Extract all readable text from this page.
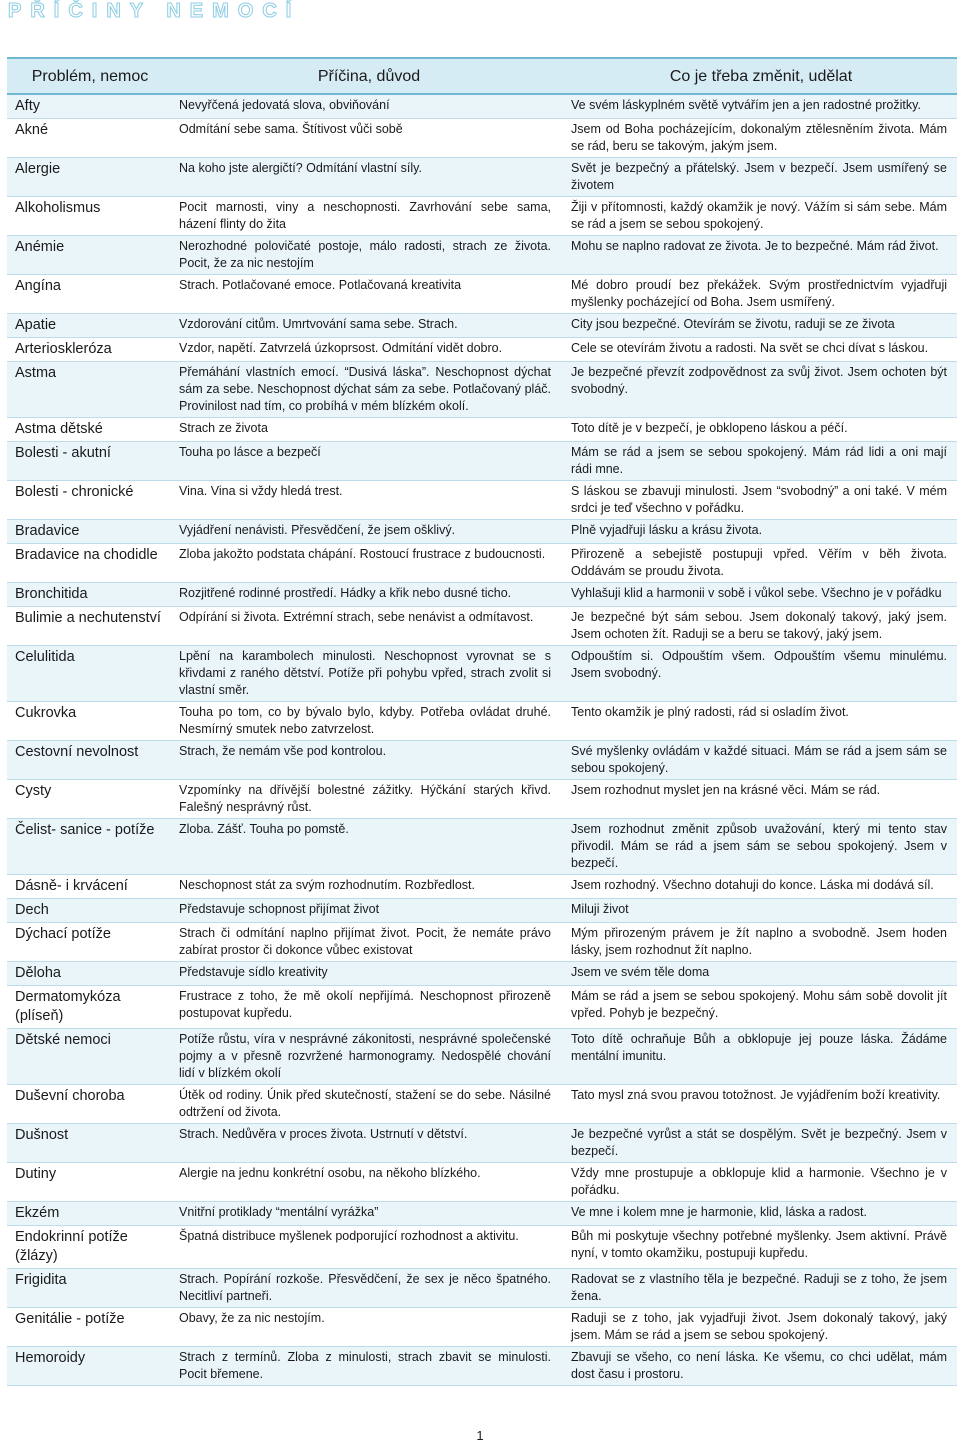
PŘÍČINY NEMOCÍ
Problém, nemoc	Příčina, důvod	Co je třeba změnit, udělat
Afty	Nevyřčená jedovatá slova, obviňování	Ve svém láskyplném světě vytvářím jen a jen radostné prožitky.
Akné	Odmítání sebe sama. Štítivost vůči sobě	Jsem od Boha pocházejícím, dokonalým ztělesněním života. Mám se rád, beru se takovým, jakým jsem.
Alergie	Na koho jste alergičtí? Odmítání vlastní síly.	Svět je bezpečný a přátelský. Jsem v bezpečí. Jsem usmířený se životem
Alkoholismus	Pocit marnosti, viny a neschopnosti. Zavrhování sebe sama, házení flinty do žita	Žiji v přítomnosti, každý okamžik je nový. Vážím si sám sebe. Mám se rád a jsem se sebou spokojený.
Anémie	Nerozhodné polovičaté postoje, málo radosti, strach ze života. Pocit, že za nic nestojím	Mohu se naplno radovat ze života. Je to bezpečné. Mám rád život.
Angína	Strach. Potlačované emoce. Potlačovaná kreativita	Mé dobro proudí bez překážek. Svým prostřednictvím vyjadřuji myšlenky pocházející od Boha. Jsem usmířený.
Apatie	Vzdorování citům. Umrtvování sama sebe. Strach.	City jsou bezpečné. Otevírám se životu, raduji se ze života
Arterioskleróza	Vzdor, napětí. Zatvrzelá úzkoprsost. Odmítání vidět dobro.	Cele se otevírám životu a radosti. Na svět se chci dívat s láskou.
Astma	Přemáhání vlastních emocí. “Dusivá láska”. Neschopnost dýchat sám za sebe. Neschopnost dýchat sám za sebe. Potlačovaný pláč. Provinilost nad tím, co probíhá v mém blízkém okolí.	Je bezpečné převzít zodpovědnost za svůj život. Jsem ochoten být svobodný.
Astma dětské	Strach ze života	Toto dítě je v bezpečí, je obklopeno láskou a péčí.
Bolesti - akutní	Touha po lásce a bezpečí	Mám se rád a jsem se sebou spokojený. Mám rád lidi a oni mají rádi mne.
Bolesti - chronické	Vina. Vina si vždy hledá trest.	S láskou se zbavuji minulosti. Jsem “svobodný” a oni také. V mém srdci je teď všechno v pořádku.
Bradavice	Vyjádření nenávisti. Přesvědčení, že jsem ošklivý.	Plně vyjadřuji lásku a krásu života.
Bradavice na chodidle	Zloba jakožto podstata chápání. Rostoucí frustrace z budoucnosti.	Přirozeně a sebejistě postupuji vpřed. Věřím v běh života. Oddávám se proudu života.
Bronchitida	Rozjitřené rodinné prostředí. Hádky a křik nebo dusné ticho.	Vyhlašuji klid a harmonii v sobě i vůkol sebe. Všechno je v pořádku
Bulimie a nechutenství	Odpírání si života. Extrémní strach, sebe nenávist a odmítavost.	Je bezpečné být sám sebou. Jsem dokonalý takový, jaký jsem. Jsem ochoten žít. Raduji se a beru se takový, jaký jsem.
Celulitida	Lpění na karambolech minulosti. Neschopnost vyrovnat se s křivdami z raného dětství. Potíže při pohybu vpřed, strach zvolit si vlastní směr.	Odpouštím si. Odpouštím všem. Odpouštím všemu minulému. Jsem svobodný.
Cukrovka	Touha po tom, co by bývalo bylo, kdyby. Potřeba ovládat druhé. Nesmírný smutek nebo zatvrzelost.	Tento okamžik je plný radosti, rád si osladím život.
Cestovní nevolnost	Strach, že nemám vše pod kontrolou.	Své myšlenky ovládám v každé situaci. Mám se rád a jsem sám se sebou spokojený.
Cysty	Vzpomínky na dřívější bolestné zážitky. Hýčkání starých křivd. Falešný nesprávný růst.	Jsem rozhodnut myslet jen na krásné věci. Mám se rád.
Čelist- sanice - potíže	Zloba. Zášť. Touha po pomstě.	Jsem rozhodnut změnit způsob uvažování, který mi tento stav přivodil. Mám se rád a jsem sám se sebou spokojený. Jsem v bezpečí.
Dásně- i krvácení	Neschopnost stát za svým rozhodnutím. Rozbředlost.	Jsem rozhodný. Všechno dotahuji do konce. Láska mi dodává síl.
Dech	Představuje schopnost přijímat život	Miluji život
Dýchací potíže	Strach či odmítání naplno přijímat život. Pocit, že nemáte právo zabírat prostor či dokonce vůbec existovat	Mým přirozeným právem je žít naplno a svobodně. Jsem hoden lásky, jsem rozhodnut žít naplno.
Děloha	Představuje sídlo kreativity	Jsem ve svém těle doma
Dermatomykóza (plíseň)	Frustrace z toho, že mě okolí nepřijímá. Neschopnost přirozeně postupovat kupředu.	Mám se rád a jsem se sebou spokojený. Mohu sám sobě dovolit jít vpřed. Pohyb je bezpečný.
Dětské nemoci	Potíže růstu, víra v nesprávné zákonitosti, nesprávné společenské pojmy a v přesně rozvržené harmonogramy. Nedospělé chování lidí v blízkém okolí	Toto dítě ochraňuje Bůh a obklopuje jej pouze láska. Žádáme mentální imunitu.
Duševní choroba	Útěk od rodiny. Únik před skutečností, stažení se do sebe. Násilné odtržení od života.	Tato mysl zná svou pravou totožnost. Je vyjádřením boží kreativity.
Dušnost	Strach. Nedůvěra v proces života. Ustrnutí v dětství.	Je bezpečné vyrůst a stát se dospělým. Svět je bezpečný. Jsem v bezpečí.
Dutiny	Alergie na jednu konkrétní osobu, na někoho blízkého.	Vždy mne prostupuje a obklopuje klid a harmonie. Všechno je v pořádku.
Ekzém	Vnitřní protiklady “mentální vyrážka”	Ve mne i kolem mne je harmonie, klid, láska a radost.
Endokrinní potíže (žlázy)	Špatná distribuce myšlenek podporující rozhodnost a aktivitu.	Bůh mi poskytuje všechny potřebné myšlenky. Jsem aktivní. Právě nyní, v tomto okamžiku, postupuji kupředu.
Frigidita	Strach. Popírání rozkoše. Přesvědčení, že sex je něco špatného. Necitliví partneři.	Radovat se z vlastního těla je bezpečné. Raduji se z toho, že jsem žena.
Genitálie - potíže	Obavy, že za nic nestojím.	Raduji se z toho, jak vyjadřuji život. Jsem dokonalý takový, jaký jsem. Mám se rád a jsem se sebou spokojený.
Hemoroidy	Strach z termínů. Zloba z minulosti, strach zbavit se minulosti. Pocit břemene.	Zbavuji se všeho, co není láska. Ke všemu, co chci udělat, mám dost času i prostoru.
1
